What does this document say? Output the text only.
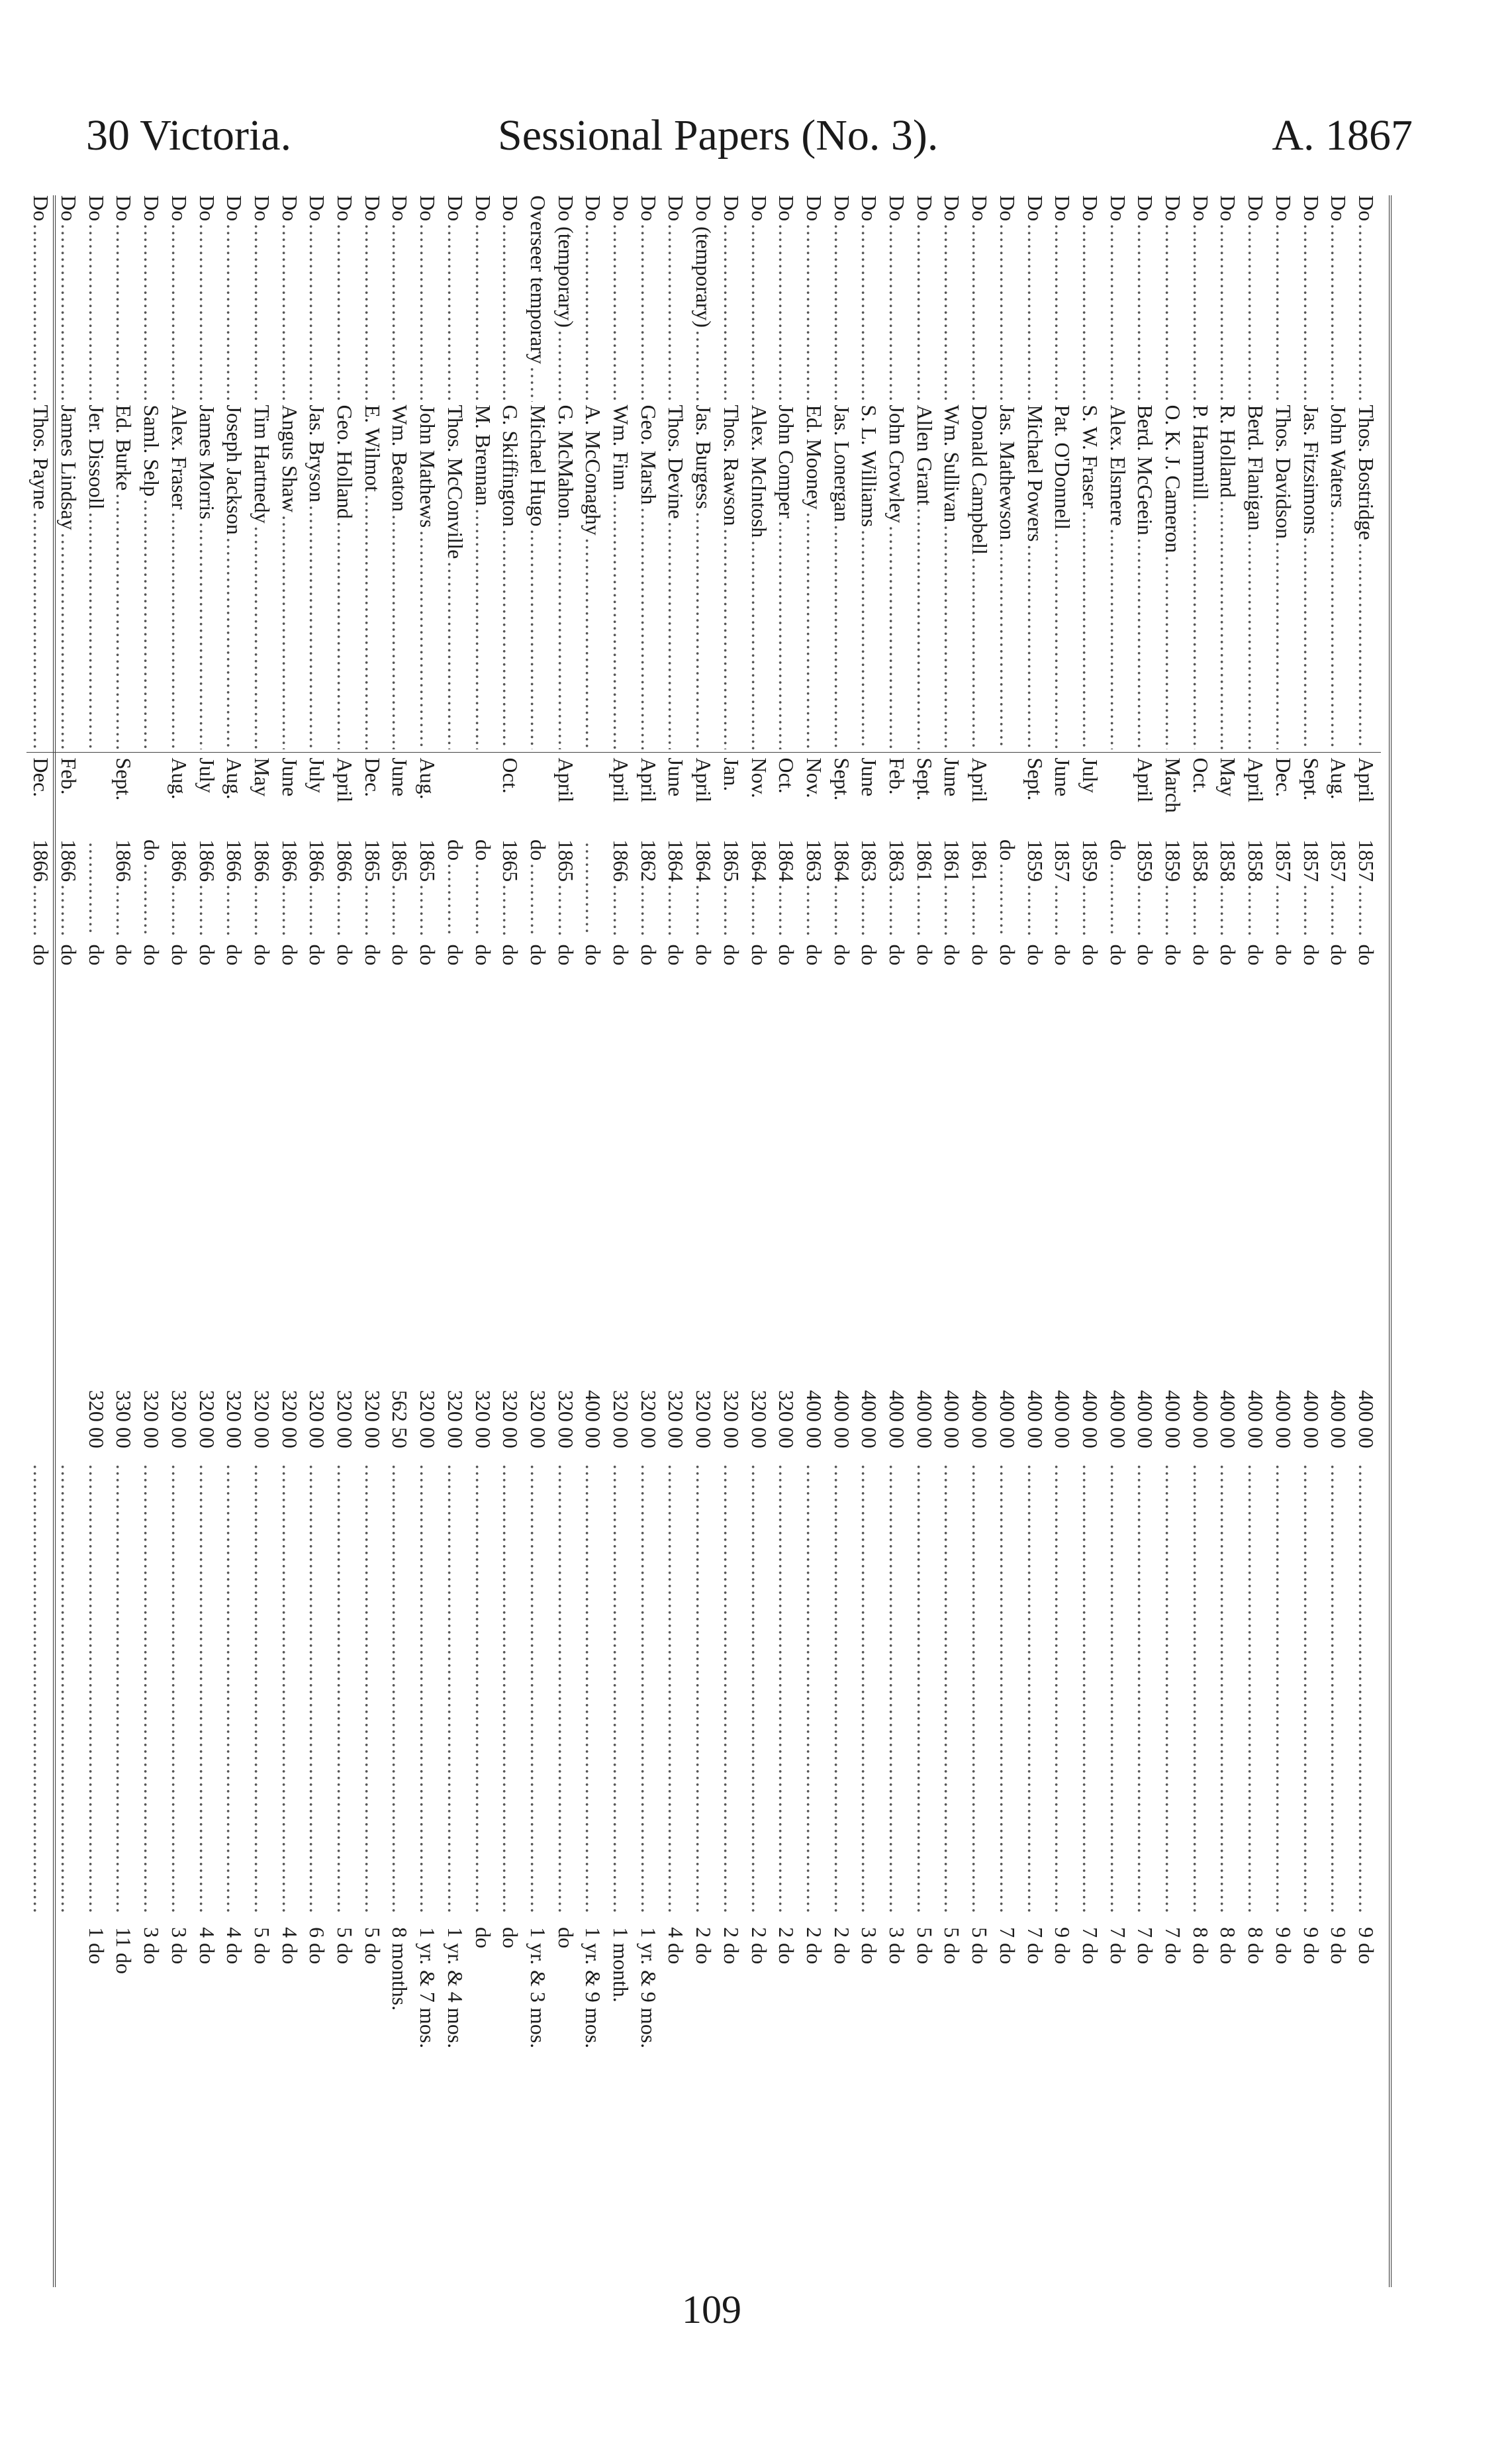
30 Victoria.	Sessional Papers (No. 3).	A. 1867
Do
.....
Thos. Bostridge
.....
April
1857
.....
do
400 00
.....
9 do
Do
.....
John Waters
.....
Aug.
1857
.....
do
400 00
.....
9 do
Do
.....
Jas. Fitzsimons
.....
Sept.
1857
.....
do
400 00
.....
9 do
Do
.....
Thos. Davidson
.....
Dec.
1857
.....
do
400 00
.....
9 do
Do
.....
Berd. Flanigan
.....
April
1858
.....
do
400 00
.....
8 do
Do
.....
R. Holland
.....
May
1858
.....
do
400 00
.....
8 do
Do
.....
P. Hammill
.....
Oct.
1858
.....
do
400 00
.....
8 do
Do
.....
O. K. J. Cameron
.....
March
1859
.....
do
400 00
.....
7 do
Do
.....
Berd. McGeein
.....
April
1859
.....
do
400 00
.....
7 do
Do
.....
Alex. Elsmere
.....
do
.....
do
400 00
.....
7 do
Do
.....
S. W. Fraser
.....
July
1859
.....
do
400 00
.....
7 do
Do
.....
Pat. O'Donnell
.....
June
1857
.....
do
400 00
.....
9 do
Do
.....
Michael Powers
.....
Sept.
1859
.....
do
400 00
.....
7 do
Do
.....
Jas. Mathewson
.....
do
.....
do
400 00
.....
7 do
Do
.....
Donald Campbell
.....
April
1861
.....
do
400 00
.....
5 do
Do
.....
Wm. Sullivan
.....
June
1861
.....
do
400 00
.....
5 do
Do
.....
Allen Grant
.....
Sept.
1861
.....
do
400 00
.....
5 do
Do
.....
John Crowley
.....
Feb.
1863
.....
do
400 00
.....
3 do
Do
.....
S. L. Williams
.....
June
1863
.....
do
400 00
.....
3 do
Do
.....
Jas. Lonergan
.....
Sept.
1864
.....
do
400 00
.....
2 do
Do
.....
Ed. Mooney
.....
Nov.
1863
.....
do
400 00
.....
2 do
Do
.....
John Comper
.....
Oct.
1864
.....
do
320 00
.....
2 do
Do
.....
Alex. McIntosh
.....
Nov.
1864
.....
do
320 00
.....
2 do
Do
.....
Thos. Rawson
.....
Jan.
1865
.....
do
320 00
.....
2 do
Do (temporary)
.....
Jas. Burgess
.....
April
1864
.....
do
320 00
.....
2 do
Do
.....
Thos. Devine
.....
June
1864
.....
do
320 00
.....
4 do
Do
.....
Geo. Marsh
.....
April
1862
.....
do
320 00
.....
1 yr. & 9 mos.
Do
.....
Wm. Finn
.....
April
1866
.....
do
320 00
.....
1 month.
Do
.....
A. McConaghy
.....
.....
do
400 00
.....
1 yr. & 9 mos.
Do (temporary)
.....
G. McMahon
.....
April
1865
.....
do
320 00
.....
do
Overseer temporary
.....
Michael Hugo
.....
do
.....
do
320 00
.....
1 yr. & 3 mos.
Do
.....
G. Skiffington
.....
Oct.
1865
.....
do
320 00
.....
do
Do
.....
M. Brennan
.....
do
.....
do
320 00
.....
do
Do
.....
Thos. McConville
.....
do
.....
do
320 00
.....
1 yr. & 4 mos.
Do
.....
John Mathews
.....
Aug.
1865
.....
do
320 00
.....
1 yr. & 7 mos.
Do
.....
Wm. Beaton
.....
June
1865
.....
do
562 50
.....
8 months.
Do
.....
E. Wilmot
.....
Dec.
1865
.....
do
320 00
.....
5 do
Do
.....
Geo. Holland
.....
April
1866
.....
do
320 00
.....
5 do
Do
.....
Jas. Bryson
.....
July
1866
.....
do
320 00
.....
6 do
Do
.....
Angus Shaw
.....
June
1866
.....
do
320 00
.....
4 do
Do
.....
Tim Hartnedy
.....
May
1866
.....
do
320 00
.....
5 do
Do
.....
Joseph Jackson
.....
Aug.
1866
.....
do
320 00
.....
4 do
Do
.....
James Morris
.....
July
1866
.....
do
320 00
.....
4 do
Do
.....
Alex. Fraser
.....
Aug.
1866
.....
do
320 00
.....
3 do
Do
.....
Saml. Selp
.....
do
.....
do
320 00
.....
3 do
Do
.....
Ed. Burke
.....
Sept.
1866
.....
do
330 00
.....
11 do
Do
.....
Jer. Dissooll
.....
.....
do
320 00
.....
1 do
Do
.....
James Lindsay
.....
Feb.
1866
.....
do
.....
Do
.....
Thos. Payne
.....
Dec.
1866
.....
do
.....
109
